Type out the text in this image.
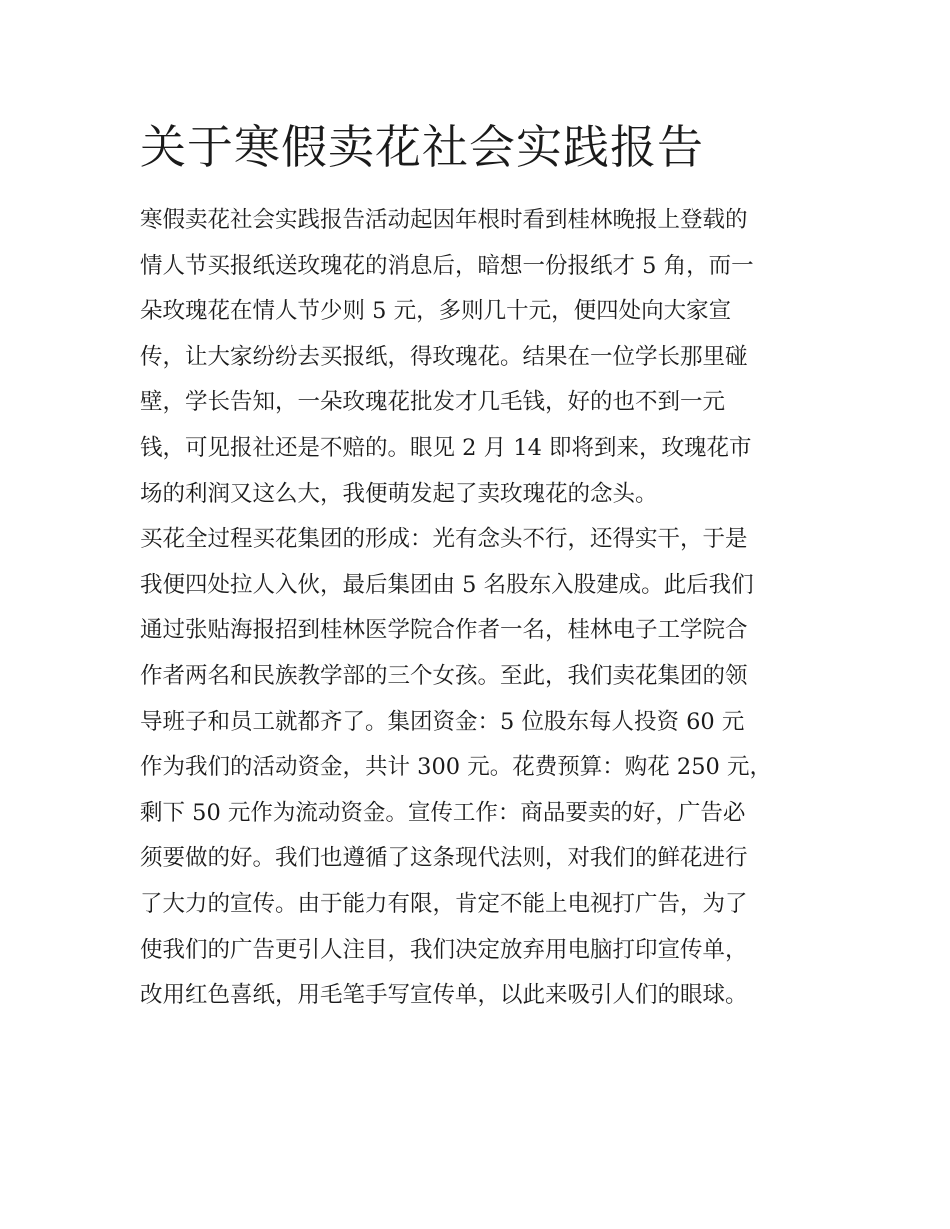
关于寒假卖花社会实践报告

寒假卖花社会实践报告活动起因年根时看到桂林晚报上登载的
情人节买报纸送玫瑰花的消息后，暗想一份报纸才 5 角，而一
朵玫瑰花在情人节少则 5 元，多则几十元，便四处向大家宣
传，让大家纷纷去买报纸，得玫瑰花。结果在一位学长那里碰
壁，学长告知，一朵玫瑰花批发才几毛钱，好的也不到一元
钱，可见报社还是不赔的。眼见 2 月 14 即将到来，玫瑰花市
场的利润又这么大，我便萌发起了卖玫瑰花的念头。

买花全过程买花集团的形成：光有念头不行，还得实干，于是
我便四处拉人入伙，最后集团由 5 名股东入股建成。此后我们
通过张贴海报招到桂林医学院合作者一名，桂林电子工学院合
作者两名和民族教学部的三个女孩。至此，我们卖花集团的领
导班子和员工就都齐了。集团资金：5 位股东每人投资 60 元
作为我们的活动资金，共计 300 元。花费预算：购花 250 元，
剩下 50 元作为流动资金。宣传工作：商品要卖的好，广告必
须要做的好。我们也遵循了这条现代法则，对我们的鲜花进行
了大力的宣传。由于能力有限，肯定不能上电视打广告，为了
使我们的广告更引人注目，我们决定放弃用电脑打印宣传单，
改用红色喜纸，用毛笔手写宣传单，以此来吸引人们的眼球。
